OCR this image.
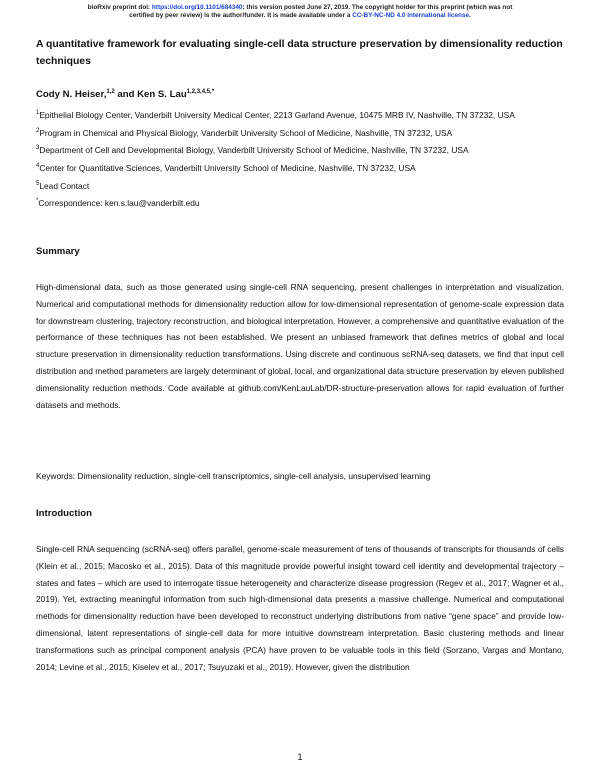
bioRxiv preprint doi: https://doi.org/10.1101/684340; this version posted June 27, 2019. The copyright holder for this preprint (which was not
certified by peer review) is the author/funder. It is made available under a CC-BY-NC-ND 4.0 International license.
A quantitative framework for evaluating single-cell data structure preservation by dimensionality reduction techniques
Cody N. Heiser,$^{1,2}$ and Ken S. Lau$^{1,2,3,4,5,*}$

$^1$Epithelial Biology Center, Vanderbilt University Medical Center, 2213 Garland Avenue, 10475 MRB IV, Nashville, TN 37232, USA

$^2$Program in Chemical and Physical Biology, Vanderbilt University School of Medicine, Nashville, TN 37232, USA

$^3$Department of Cell and Developmental Biology, Vanderbilt University School of Medicine, Nashville, TN 37232, USA

$^4$Center for Quantitative Sciences, Vanderbilt University School of Medicine, Nashville, TN 37232, USA

$^5$Lead Contact

*Correspondence: ken.s.lau@vanderbilt.edu

Summary

High-dimensional data, such as those generated using single-cell RNA sequencing, present challenges in interpretation and visualization. Numerical and computational methods for dimensionality reduction allow for low-dimensional representation of genome-scale expression data for downstream clustering, trajectory reconstruction, and biological interpretation. However, a comprehensive and quantitative evaluation of the performance of these techniques has not been established. We present an unbiased framework that defines metrics of global and local structure preservation in dimensionality reduction transformations. Using discrete and continuous scRNA-seq datasets, we find that input cell distribution and method parameters are largely determinant of global, local, and organizational data structure preservation by eleven published dimensionality reduction methods. Code available at github.com/KenLauLab/DR-structure-preservation allows for rapid evaluation of further datasets and methods.

Keywords: Dimensionality reduction, single-cell transcriptomics, single-cell analysis, unsupervised learning
Introduction

Single-cell RNA sequencing (scRNA-seq) offers parallel, genome-scale measurement of tens of thousands of transcripts for thousands of cells (Klein et al., 2015; Macosko et al., 2015). Data of this magnitude provide powerful insight toward cell identity and developmental trajectory – states and fates – which are used to interrogate tissue heterogeneity and characterize disease progression (Regev et al., 2017; Wagner et al., 2019). Yet, extracting meaningful information from such high-dimensional data presents a massive challenge. Numerical and computational methods for dimensionality reduction have been developed to reconstruct underlying distributions from native “gene space” and provide low-dimensional, latent representations of single-cell data for more intuitive downstream interpretation. Basic clustering methods and linear transformations such as principal component analysis (PCA) have proven to be valuable tools in this field (Sorzano, Vargas and Montano, 2014; Levine et al., 2015; Kiselev et al., 2017; Tsuyuzaki et al., 2019). However, given the distribution

1
